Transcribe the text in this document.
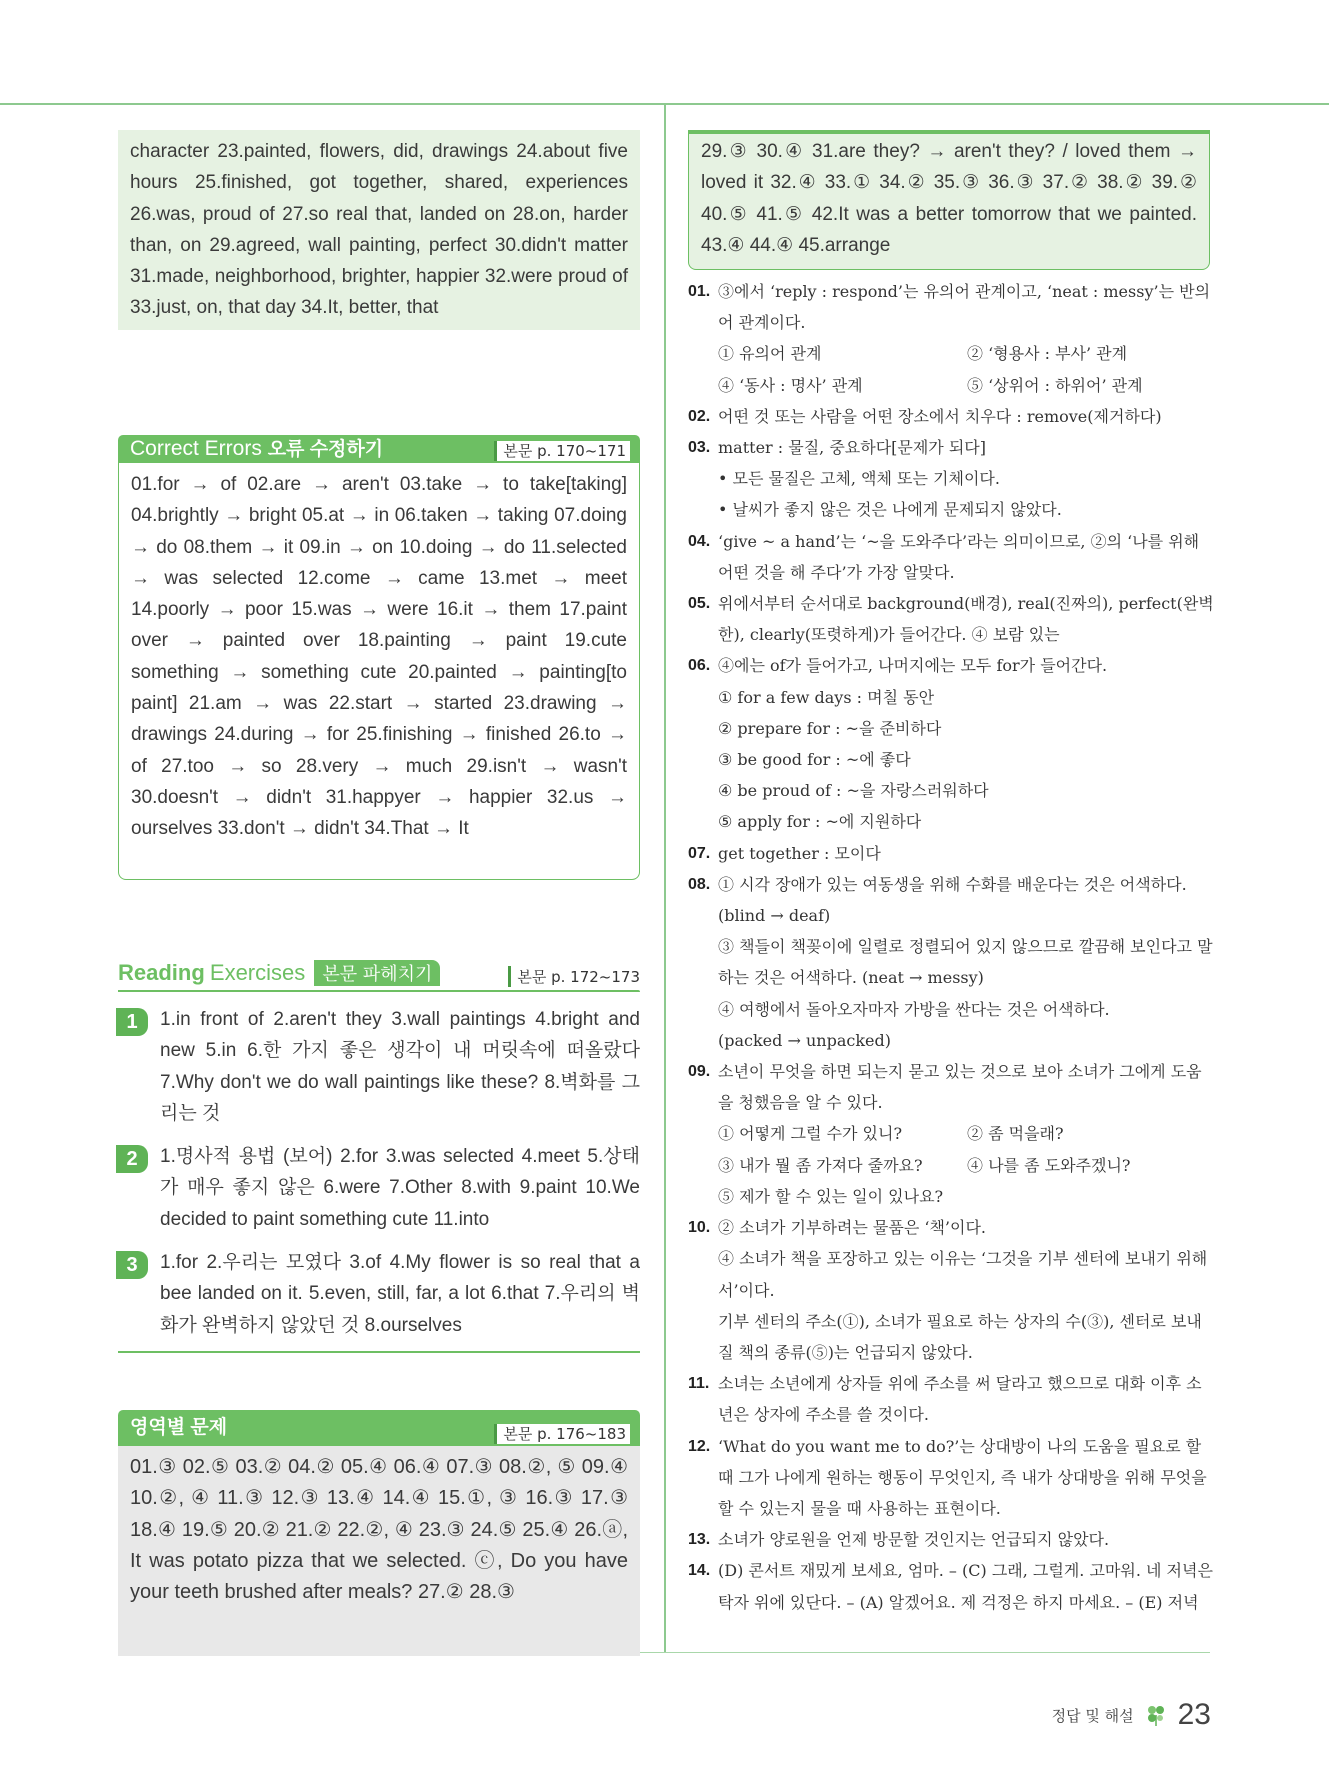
character 23.painted, flowers, did, drawings 24.about five hours 25.finished, got together, shared, experiences 26.was, proud of 27.so real that, landed on 28.on, harder than, on 29.agreed, wall painting, perfect 30.didn't matter 31.made, neighborhood, brighter, happier 32.were proud of 33.just, on, that day 34.It, better, that

Correct Errors 오류 수정하기	본문 p. 170~171

01.for → of 02.are → aren't 03.take → to take[taking] 04.brightly → bright 05.at → in 06.taken → taking 07.doing → do 08.them → it 09.in → on 10.doing → do 11.selected → was selected 12.come → came 13.met → meet 14.poorly → poor 15.was → were 16.it → them 17.paint over → painted over 18.painting → paint 19.cute something → something cute 20.painted → painting[to paint] 21.am → was 22.start → started 23.drawing → drawings 24.during → for 25.finishing → finished 26.to → of 27.too → so 28.very → much 29.isn't → wasn't 30.doesn't → didn't 31.happyer → happier 32.us → ourselves 33.don't → didn't 34.That → It

Reading Exercises 본문 파헤치기	본문 p. 172~173
1	1.in front of 2.aren't they 3.wall paintings 4.bright and new 5.in 6.한 가지 좋은 생각이 내 머릿속에 떠올랐다 7.Why don't we do wall paintings like these? 8.벽화를 그리는 것

2	1.명사적 용법 (보어) 2.for 3.was selected 4.meet 5.상태가 매우 좋지 않은 6.were 7.Other 8.with 9.paint 10.We decided to paint something cute 11.into

3	1.for 2.우리는 모였다 3.of 4.My flower is so real that a bee landed on it. 5.even, still, far, a lot 6.that 7.우리의 벽화가 완벽하지 않았던 것 8.ourselves

영역별 문제	본문 p. 176~183

01.③ 02.⑤ 03.② 04.② 05.④ 06.④ 07.③ 08.②, ⑤ 09.④ 10.②, ④ 11.③ 12.③ 13.④ 14.④ 15.①, ③ 16.③ 17.③ 18.④ 19.⑤ 20.② 21.② 22.②, ④ 23.③ 24.⑤ 25.④ 26.ⓐ, It was potato pizza that we selected. ⓒ, Do you have your teeth brushed after meals? 27.② 28.③

29.③ 30.④ 31.are they? → aren't they? / loved them → loved it 32.④ 33.① 34.② 35.③ 36.③ 37.② 38.② 39.② 40.⑤ 41.⑤ 42.It was a better tomorrow that we painted. 43.④ 44.④ 45.arrange

01. ③에서 ‘reply : respond’는 유의어 관계이고, ‘neat : messy’는 반의어 관계이다.
① 유의어 관계	② ‘형용사 : 부사’ 관계
④ ‘동사 : 명사’ 관계	⑤ ‘상위어 : 하위어’ 관계
02. 어떤 것 또는 사람을 어떤 장소에서 치우다 : remove(제거하다)
03. matter : 물질, 중요하다[문제가 되다]
• 모든 물질은 고체, 액체 또는 기체이다.
• 날씨가 좋지 않은 것은 나에게 문제되지 않았다.
04. ‘give ~ a hand’는 ‘~을 도와주다’라는 의미이므로, ②의 ‘나를 위해 어떤 것을 해 주다’가 가장 알맞다.
05. 위에서부터 순서대로 background(배경), real(진짜의), perfect(완벽한), clearly(또렷하게)가 들어간다. ④ 보람 있는
06. ④에는 of가 들어가고, 나머지에는 모두 for가 들어간다.
① for a few days : 며칠 동안
② prepare for : ~을 준비하다
③ be good for : ~에 좋다
④ be proud of : ~을 자랑스러워하다
⑤ apply for : ~에 지원하다
07. get together : 모이다
08. ① 시각 장애가 있는 여동생을 위해 수화를 배운다는 것은 어색하다.
(blind → deaf)
③ 책들이 책꽂이에 일렬로 정렬되어 있지 않으므로 깔끔해 보인다고 말하는 것은 어색하다. (neat → messy)
④ 여행에서 돌아오자마자 가방을 싼다는 것은 어색하다.
(packed → unpacked)
09. 소년이 무엇을 하면 되는지 묻고 있는 것으로 보아 소녀가 그에게 도움을 청했음을 알 수 있다.
① 어떻게 그럴 수가 있니?	② 좀 먹을래?
③ 내가 뭘 좀 가져다 줄까요?	④ 나를 좀 도와주겠니?
⑤ 제가 할 수 있는 일이 있나요?
10. ② 소녀가 기부하려는 물품은 ‘책’이다.
④ 소녀가 책을 포장하고 있는 이유는 ‘그것을 기부 센터에 보내기 위해서’이다.
기부 센터의 주소(①), 소녀가 필요로 하는 상자의 수(③), 센터로 보내질 책의 종류(⑤)는 언급되지 않았다.
11. 소녀는 소년에게 상자들 위에 주소를 써 달라고 했으므로 대화 이후 소년은 상자에 주소를 쓸 것이다.
12. ‘What do you want me to do?’는 상대방이 나의 도움을 필요로 할 때 그가 나에게 원하는 행동이 무엇인지, 즉 내가 상대방을 위해 무엇을 할 수 있는지 물을 때 사용하는 표현이다.
13. 소녀가 양로원을 언제 방문할 것인지는 언급되지 않았다.
14. (D) 콘서트 재밌게 보세요, 엄마. – (C) 그래, 그럴게. 고마워. 네 저녁은 탁자 위에 있단다. – (A) 알겠어요. 제 걱정은 하지 마세요. – (E) 저녁
정답 및 해설 23
